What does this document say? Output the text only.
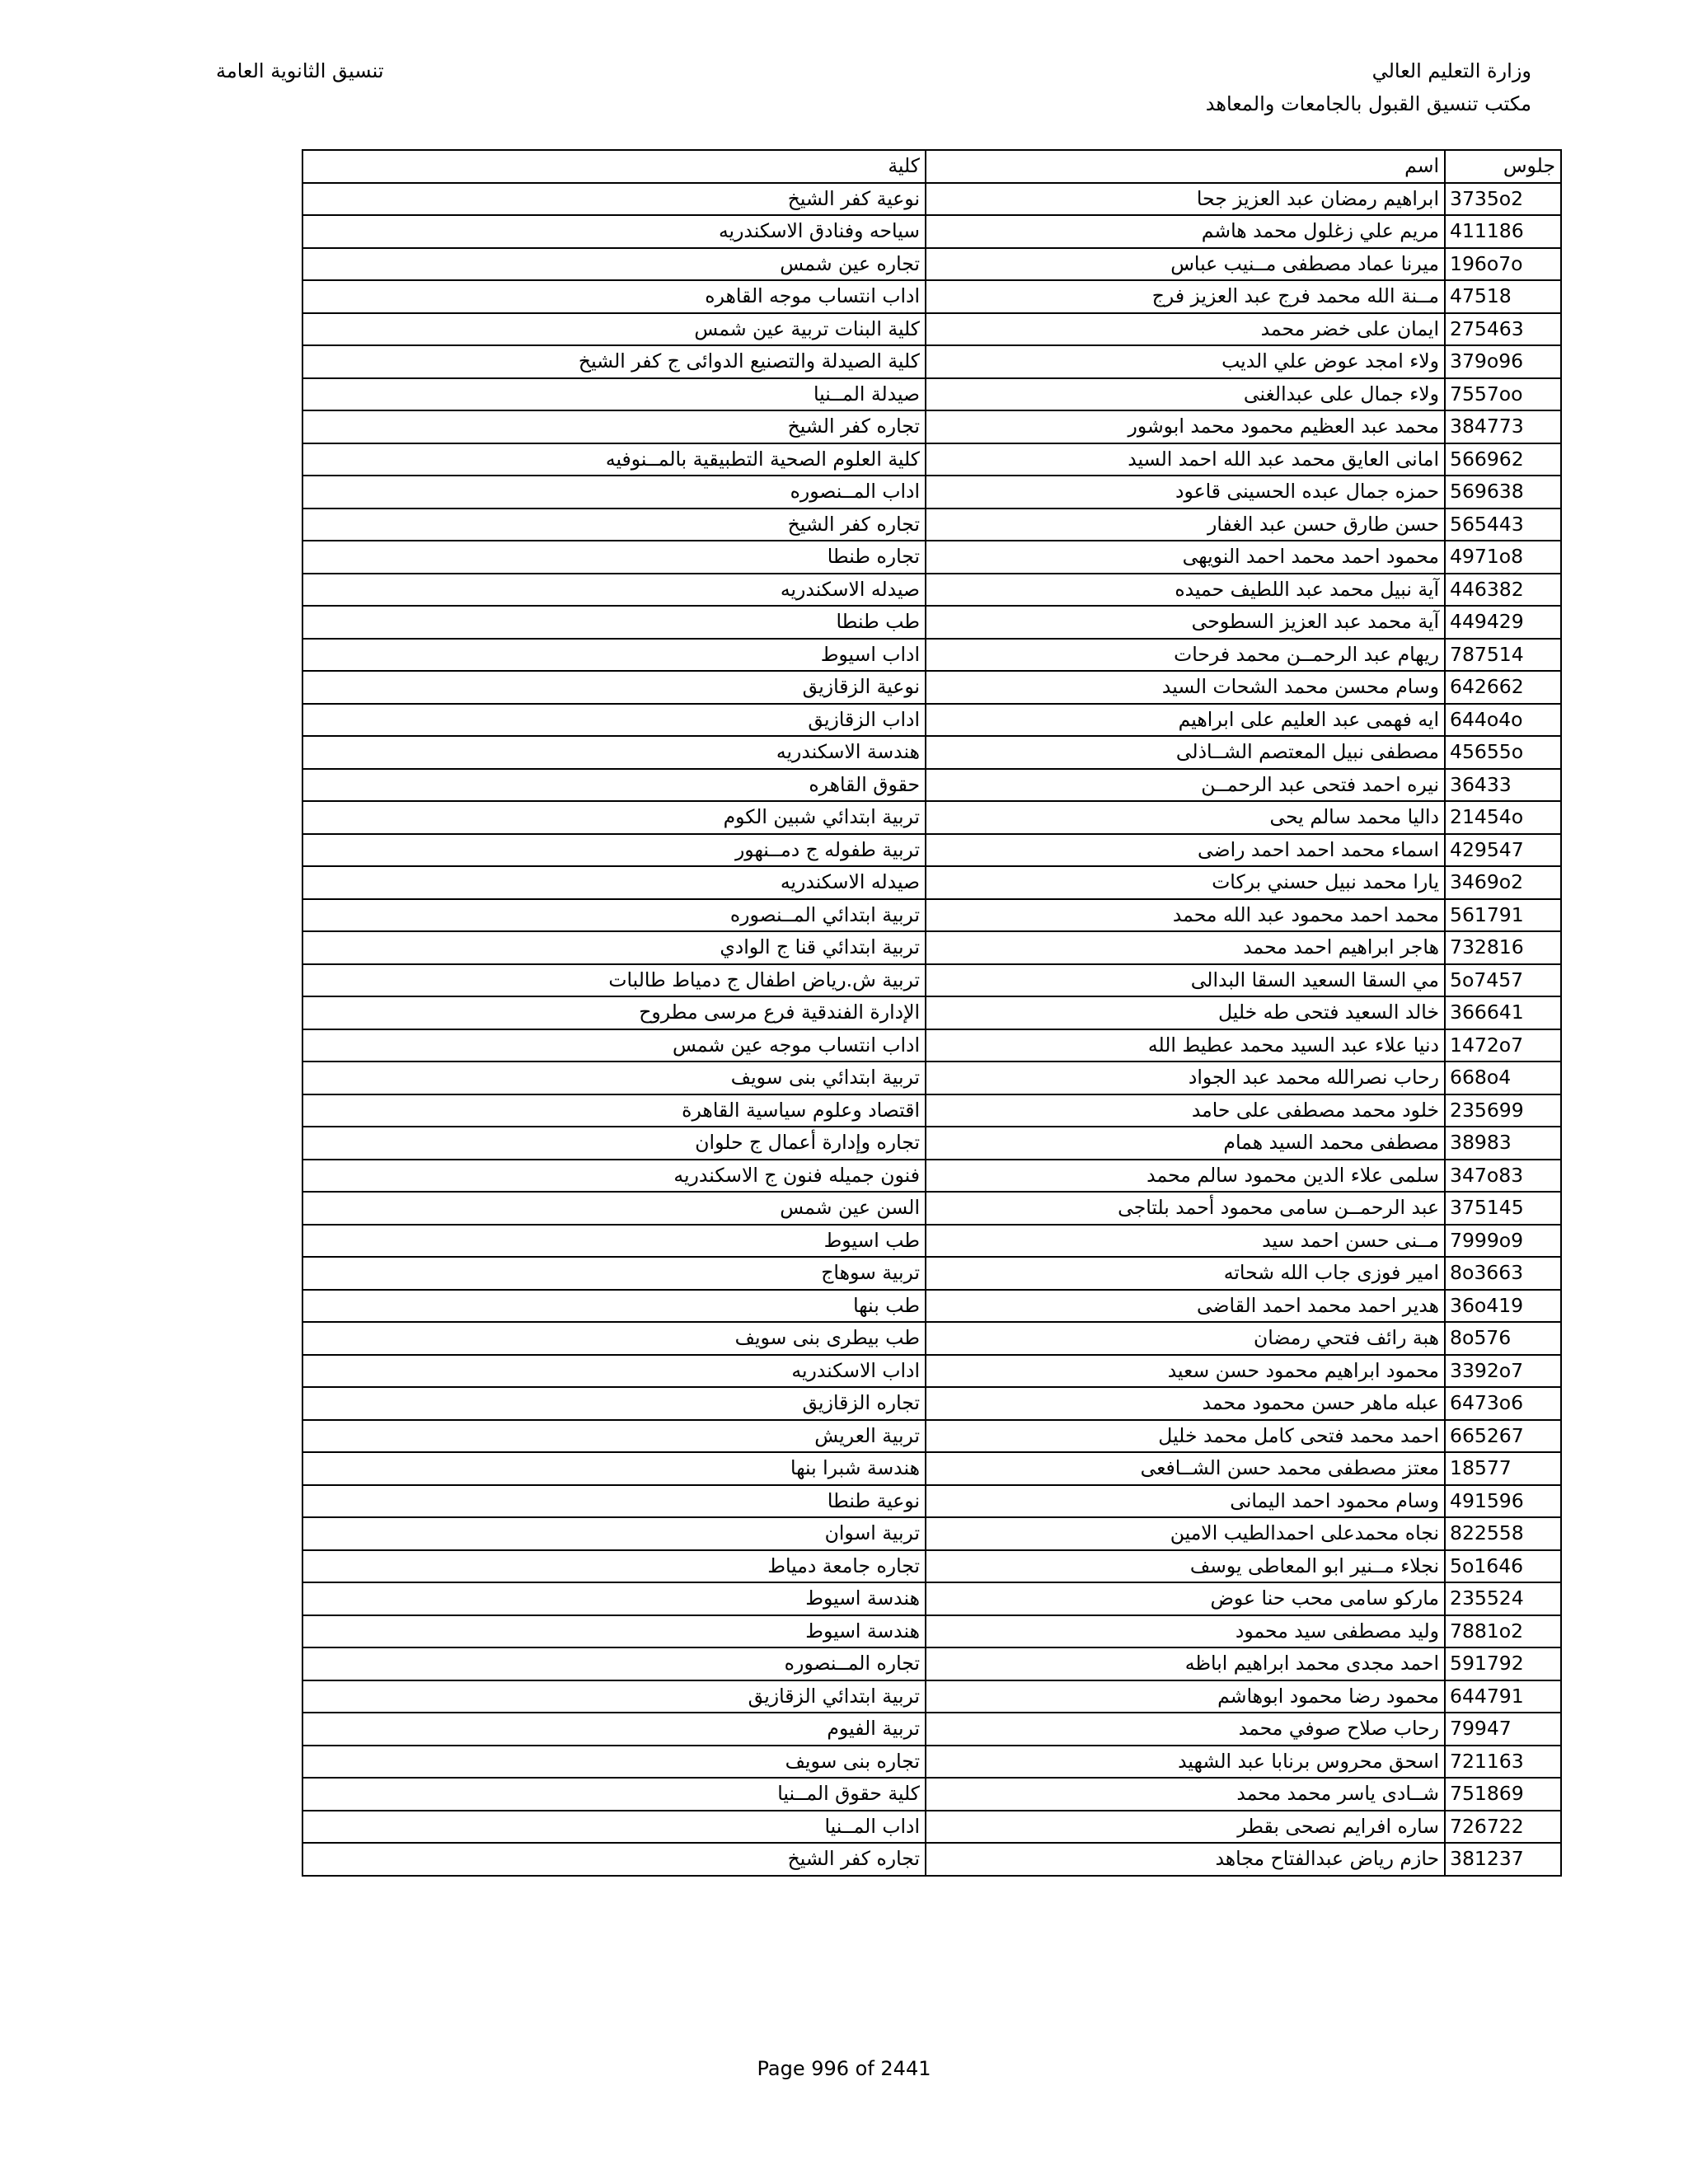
وزارة التعليم العالي
مكتب تنسيق القبول بالجامعات والمعاهد
تنسيق الثانوية العامة
جلوس	اسم	كلية
3735o2	ابراهيم رمضان عبد العزيز جحا	نوعية كفر الشيخ
411186	مريم علي زغلول محمد هاشم	سياحه وفنادق الاسكندريه
196o7o	ميرنا عماد مصطفى مــنيب عباس	تجاره عين شمس
47518	مــنة الله محمد فرج عبد العزيز فرج	اداب انتساب موجه القاهره
275463	ايمان على خضر محمد	كلية البنات تربية عين شمس
379o96	ولاء امجد عوض علي الديب	كلية الصيدلة والتصنيع الدوائى ج كفر الشيخ
7557oo	ولاء جمال على عبدالغنى	صيدلة المــنيا
384773	محمد عبد العظيم محمود محمد ابوشور	تجاره كفر الشيخ
566962	امانى العايق محمد عبد الله احمد السيد	كلية العلوم الصحية التطبيقية بالمــنوفيه
569638	حمزه جمال عبده الحسينى قاعود	اداب المــنصوره
565443	حسن طارق حسن عبد الغفار	تجاره كفر الشيخ
4971o8	محمود احمد محمد احمد النويهى	تجاره طنطا
446382	آية نبيل محمد عبد اللطيف حميده	صيدله الاسكندريه
449429	آية محمد عبد العزيز السطوحى	طب طنطا
787514	ريهام عبد الرحمــن محمد فرحات	اداب اسيوط
642662	وسام محسن محمد الشحات السيد	نوعية الزقازيق
644o4o	ايه فهمى عبد العليم على ابراهيم	اداب الزقازيق
45655o	مصطفى نبيل المعتصم الشــاذلى	هندسة الاسكندريه
36433	نيره احمد فتحى عبد الرحمــن	حقوق القاهره
21454o	داليا محمد سالم يحى	تربية ابتدائي شبين الكوم
429547	اسماء محمد احمد احمد راضى	تربية طفوله ج دمــنهور
3469o2	يارا محمد نبيل حسني بركات	صيدله الاسكندريه
561791	محمد احمد محمود عبد الله محمد	تربية ابتدائي المــنصوره
732816	هاجر ابراهيم احمد محمد	تربية ابتدائي قنا ج الوادي
5o7457	مي السقا السعيد السقا البدالى	تربية ش.رياض اطفال ج دمياط طالبات
366641	خالد السعيد فتحى طه خليل	الإدارة الفندقية فرع مرسى مطروح
1472o7	دنيا علاء عبد السيد محمد عطيط الله	اداب انتساب موجه عين شمس
668o4	رحاب نصرالله محمد عبد الجواد	تربية ابتدائي بنى سويف
235699	خلود محمد مصطفى على حامد	اقتصاد وعلوم سياسية القاهرة
38983	مصطفى محمد السيد همام	تجاره وإدارة أعمال ج حلوان
347o83	سلمى علاء الدين محمود سالم محمد	فنون جميله فنون ج الاسكندريه
375145	عبد الرحمــن سامى محمود أحمد بلتاجى	السن عين شمس
7999o9	مــنى حسن احمد سيد	طب اسيوط
8o3663	امير فوزى جاب الله شحاته	تربية سوهاج
36o419	هدير احمد محمد احمد القاضى	طب بنها
8o576	هبة رائف فتحي رمضان	طب بيطرى بنى سويف
3392o7	محمود ابراهيم محمود حسن سعيد	اداب الاسكندريه
6473o6	عبله ماهر حسن محمود محمد	تجاره الزقازيق
665267	احمد محمد فتحى كامل محمد خليل	تربية العريش
18577	معتز مصطفى محمد حسن الشــافعى	هندسة شبرا بنها
491596	وسام محمود احمد اليمانى	نوعية طنطا
822558	نجاه محمدعلى احمدالطيب الامين	تربية اسوان
5o1646	نجلاء مــنير ابو المعاطى يوسف	تجاره جامعة دمياط
235524	ماركو سامى محب حنا عوض	هندسة اسيوط
7881o2	وليد مصطفى سيد محمود	هندسة اسيوط
591792	احمد مجدى محمد ابراهيم اباظه	تجاره المــنصوره
644791	محمود رضا محمود ابوهاشم	تربية ابتدائي الزقازيق
79947	رحاب صلاح صوفي محمد	تربية الفيوم
721163	اسحق محروس برنابا عبد الشهيد	تجاره بنى سويف
751869	شــادى ياسر محمد محمد	كلية حقوق المــنيا
726722	ساره افرايم نصحى بقطر	اداب المــنيا
381237	حازم رياض عبدالفتاح مجاهد	تجاره كفر الشيخ
Page 996 of 2441
